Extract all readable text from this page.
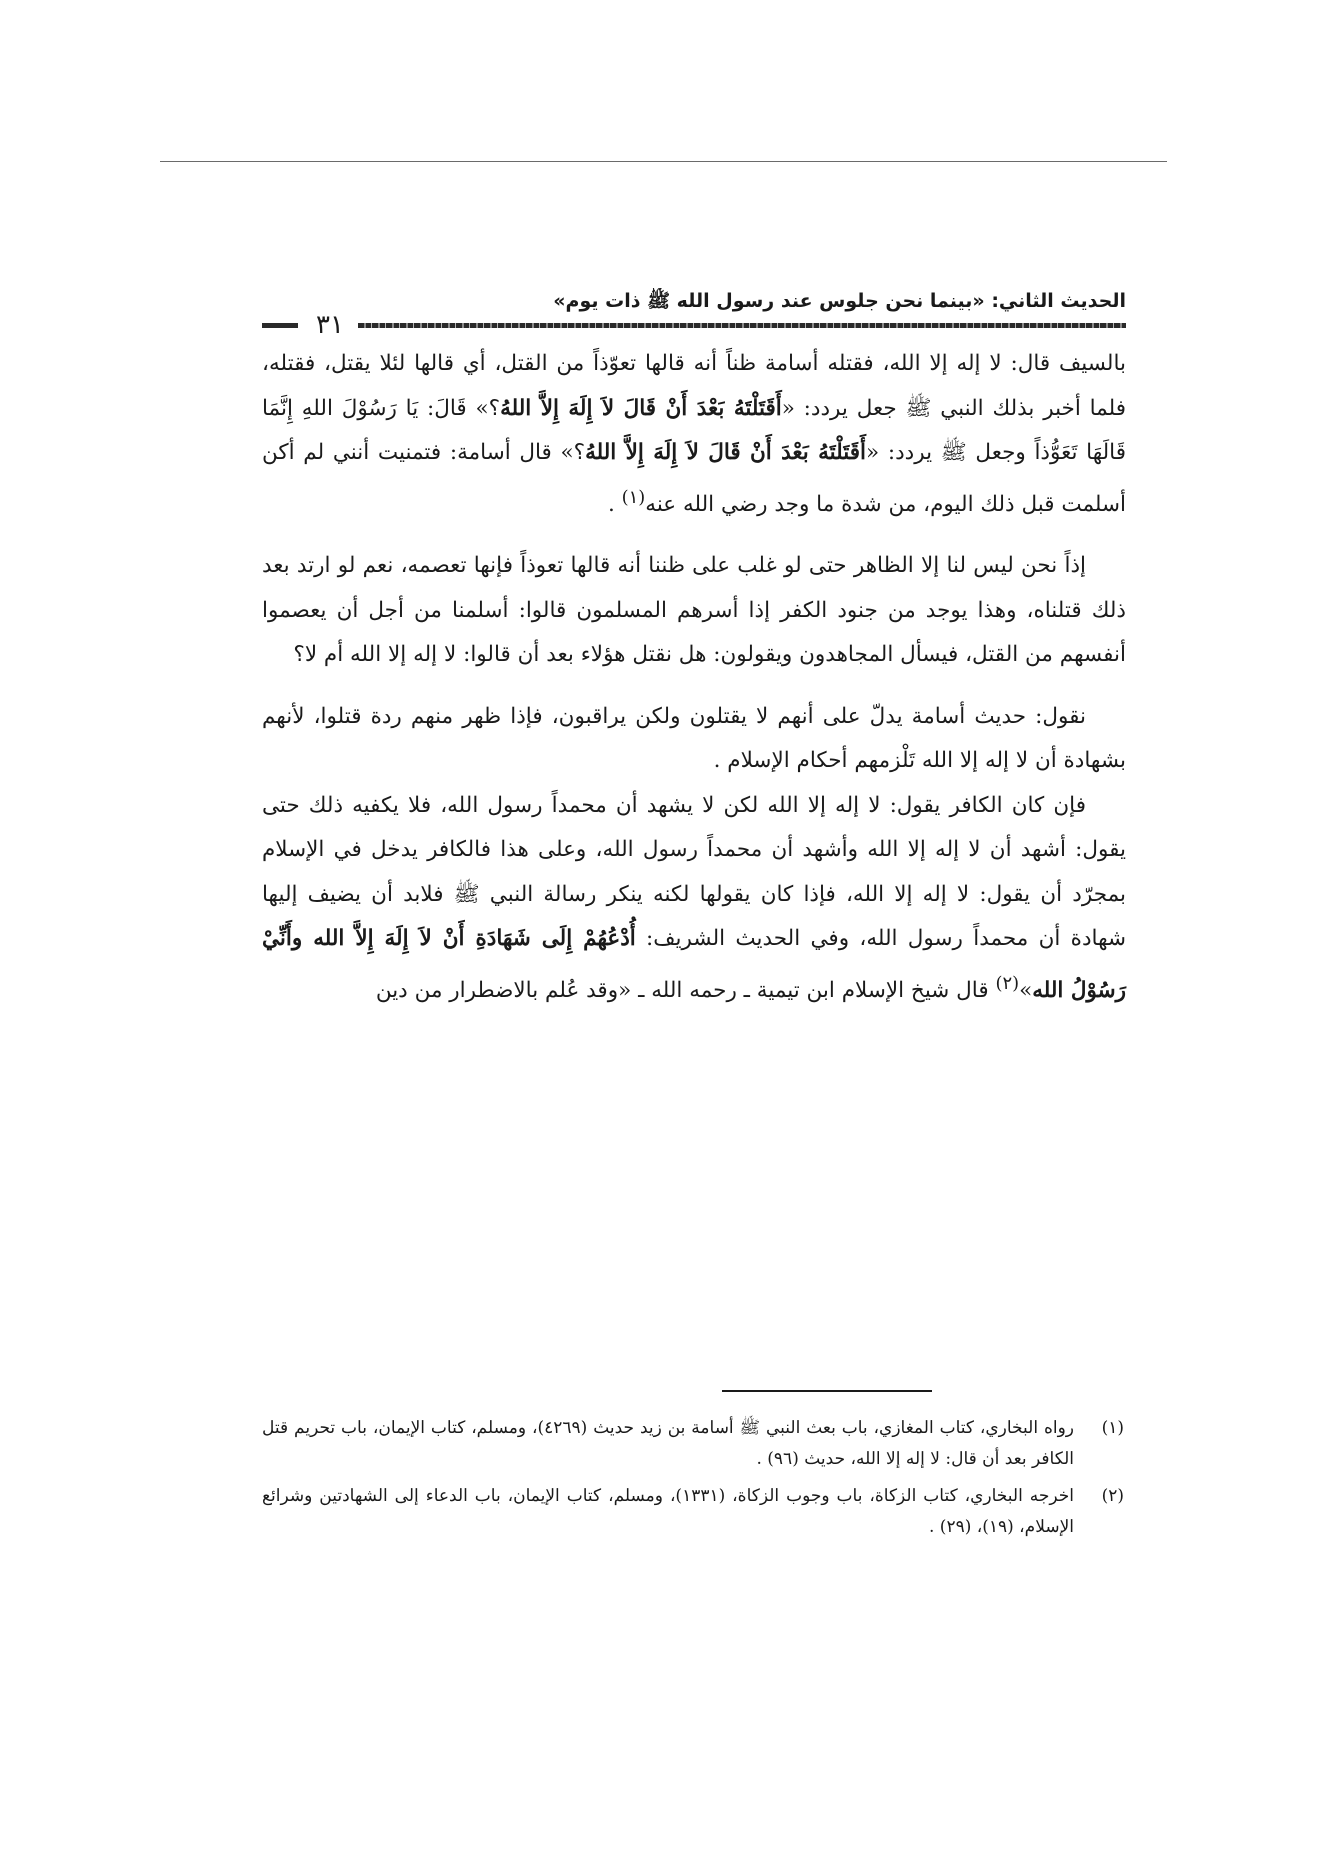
الحديث الثاني: «بينما نحن جلوس عند رسول الله ﷺ ذات يوم»
٣١

بالسيف قال: لا إله إلا الله، فقتله أسامة ظناً أنه قالها تعوّذاً من القتل، أي قالها لئلا يقتل، فقتله، فلما أخبر بذلك النبي ﷺ جعل يردد: «أَقَتَلْتَهُ بَعْدَ أَنْ قَالَ لاَ إِلَهَ إِلاَّ اللهُ؟» قَالَ: يَا رَسُوْلَ اللهِ إِنَّمَا قَالَهَا تَعَوُّذاً وجعل ﷺ يردد: «أَقَتَلْتَهُ بَعْدَ أَنْ قَالَ لاَ إِلَهَ إِلاَّ اللهُ؟» قال أسامة: فتمنيت أنني لم أكن أسلمت قبل ذلك اليوم، من شدة ما وجد رضي الله عنه$^{(١)}$ .

إذاً نحن ليس لنا إلا الظاهر حتى لو غلب على ظننا أنه قالها تعوذاً فإنها تعصمه، نعم لو ارتد بعد ذلك قتلناه، وهذا يوجد من جنود الكفر إذا أسرهم المسلمون قالوا: أسلمنا من أجل أن يعصموا أنفسهم من القتل، فيسأل المجاهدون ويقولون: هل نقتل هؤلاء بعد أن قالوا: لا إله إلا الله أم لا؟

نقول: حديث أسامة يدلّ على أنهم لا يقتلون ولكن يراقبون، فإذا ظهر منهم ردة قتلوا، لأنهم بشهادة أن لا إله إلا الله تَلْزمهم أحكام الإسلام .

فإن كان الكافر يقول: لا إله إلا الله لكن لا يشهد أن محمداً رسول الله، فلا يكفيه ذلك حتى يقول: أشهد أن لا إله إلا الله وأشهد أن محمداً رسول الله، وعلى هذا فالكافر يدخل في الإسلام بمجرّد أن يقول: لا إله إلا الله، فإذا كان يقولها لكنه ينكر رسالة النبي ﷺ فلابد أن يضيف إليها شهادة أن محمداً رسول الله، وفي الحديث الشريف: أُدْعُهُمْ إِلَى شَهَادَةِ أَنْ لاَ إِلَهَ إِلاَّ الله وأَنِّيْ رَسُوْلُ الله»$^{(٢)}$ قال شيخ الإسلام ابن تيمية ـ رحمه الله ـ «وقد عُلم بالاضطرار من دين

(١)
رواه البخاري، كتاب المغازي، باب بعث النبي ﷺ أسامة بن زيد حديث (٤٢٦٩)، ومسلم، كتاب الإيمان، باب تحريم قتل الكافر بعد أن قال: لا إله إلا الله، حديث (٩٦) .
(٢)
اخرجه البخاري، كتاب الزكاة، باب وجوب الزكاة، (١٣٣١)، ومسلم، كتاب الإيمان، باب الدعاء إلى الشهادتين وشرائع الإسلام، (١٩)، (٢٩) .
